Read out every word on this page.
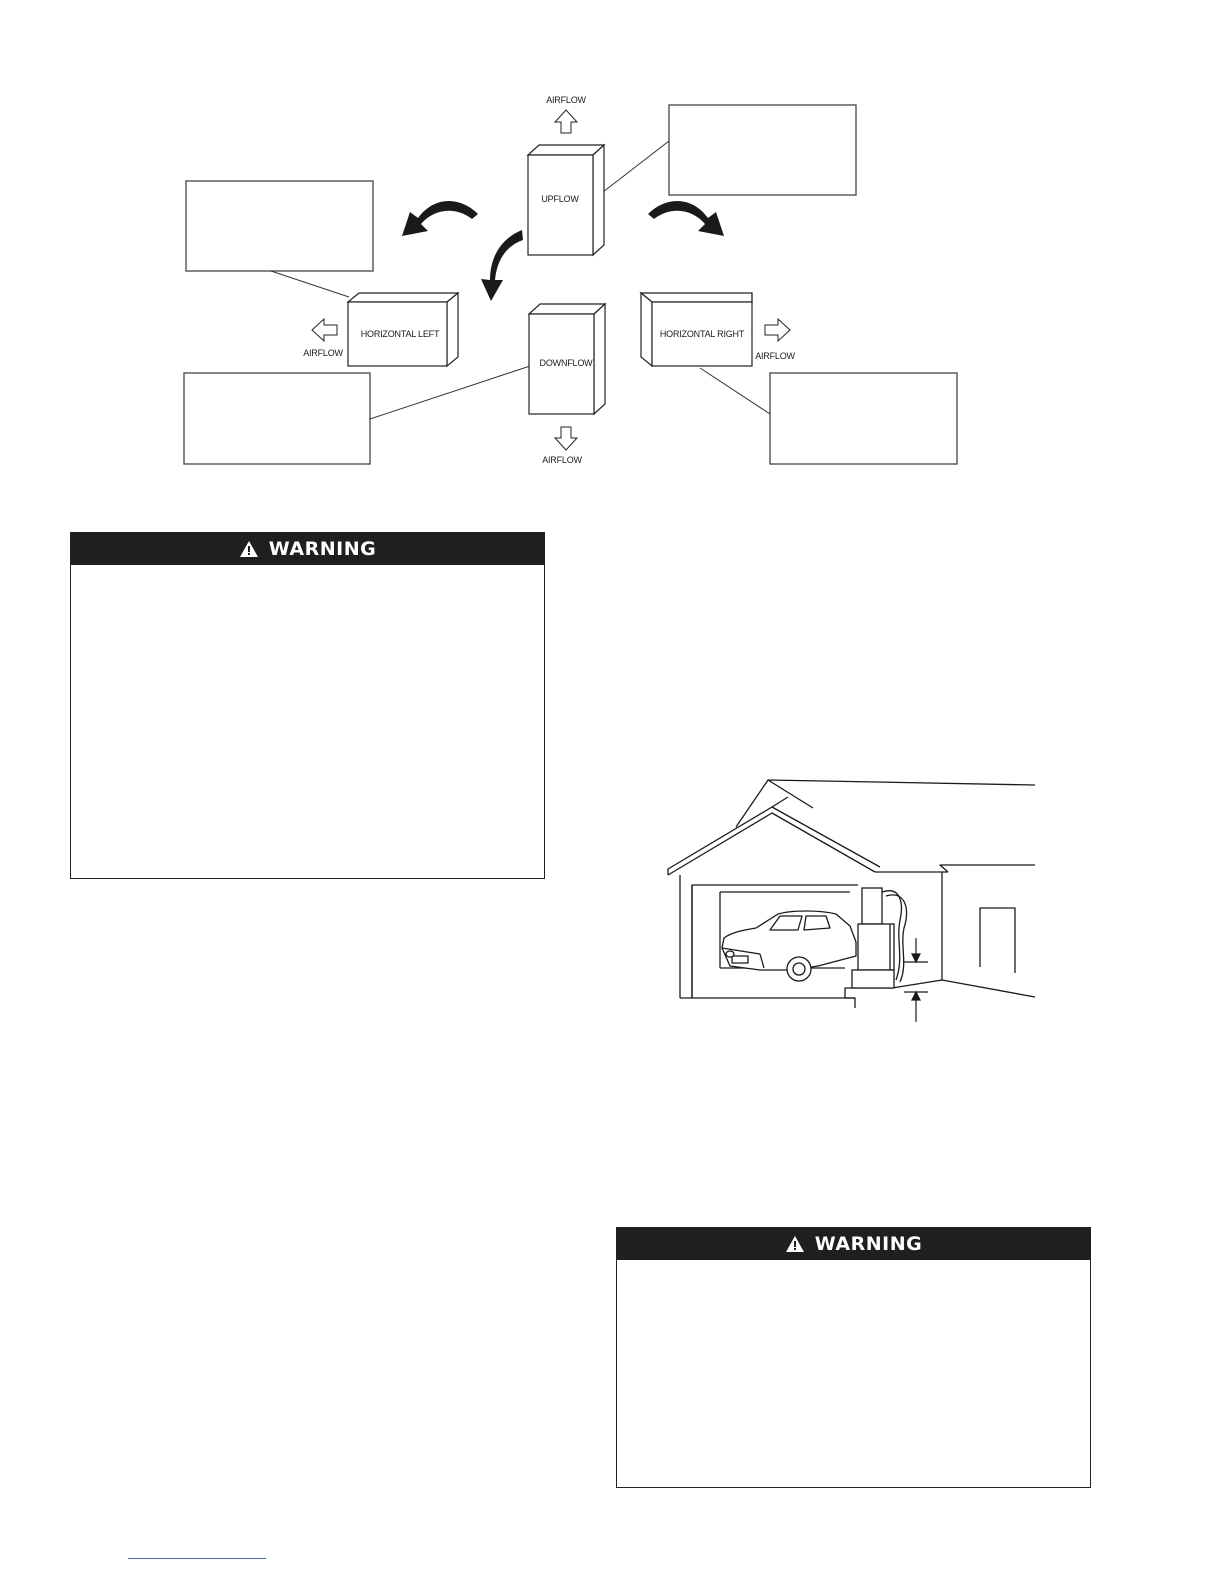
UPFLOW
AIRFLOW
DOWNFLOW
AIRFLOW
HORIZONTAL LEFT
AIRFLOW
HORIZONTAL RIGHT
AIRFLOW
WARNING
WARNING
